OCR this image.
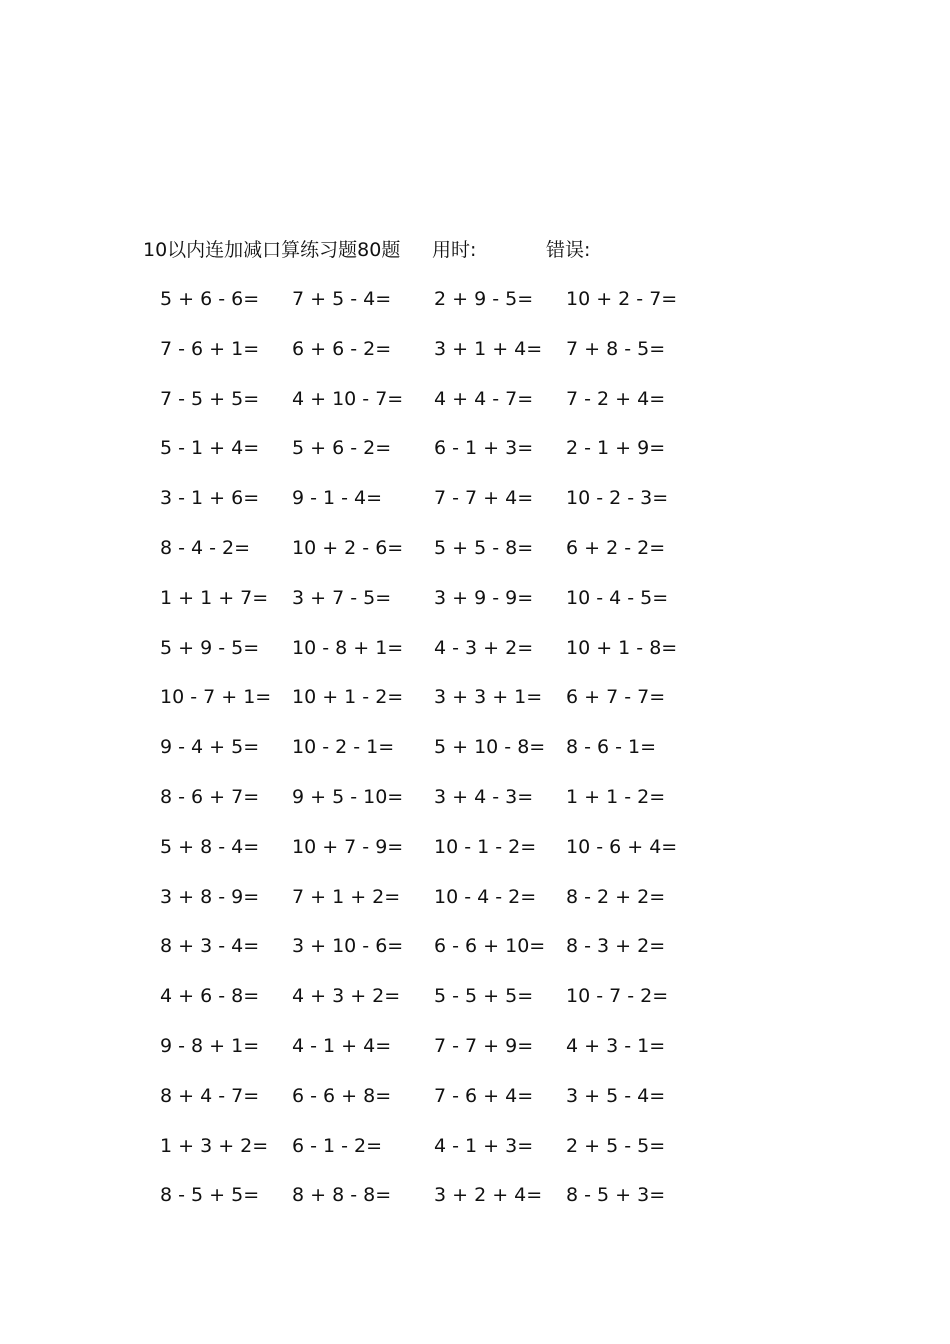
10以内连加减口算练习题80题 用时:	错误:
5 + 6 - 6=	7 + 5 - 4=	2 + 9 - 5=	10 + 2 - 7=
7 - 6 + 1=	6 + 6 - 2=	3 + 1 + 4=	7 + 8 - 5=
7 - 5 + 5=	4 + 10 - 7=	4 + 4 - 7=	7 - 2 + 4=
5 - 1 + 4=	5 + 6 - 2=	6 - 1 + 3=	2 - 1 + 9=
3 - 1 + 6=	9 - 1 - 4=	7 - 7 + 4=	10 - 2 - 3=
8 - 4 - 2=	10 + 2 - 6=	5 + 5 - 8=	6 + 2 - 2=
1 + 1 + 7=	3 + 7 - 5=	3 + 9 - 9=	10 - 4 - 5=
5 + 9 - 5=	10 - 8 + 1=	4 - 3 + 2=	10 + 1 - 8=
10 - 7 + 1=	10 + 1 - 2=	3 + 3 + 1=	6 + 7 - 7=
9 - 4 + 5=	10 - 2 - 1=	5 + 10 - 8=	8 - 6 - 1=
8 - 6 + 7=	9 + 5 - 10=	3 + 4 - 3=	1 + 1 - 2=
5 + 8 - 4=	10 + 7 - 9=	10 - 1 - 2=	10 - 6 + 4=
3 + 8 - 9=	7 + 1 + 2=	10 - 4 - 2=	8 - 2 + 2=
8 + 3 - 4=	3 + 10 - 6=	6 - 6 + 10=	8 - 3 + 2=
4 + 6 - 8=	4 + 3 + 2=	5 - 5 + 5=	10 - 7 - 2=
9 - 8 + 1=	4 - 1 + 4=	7 - 7 + 9=	4 + 3 - 1=
8 + 4 - 7=	6 - 6 + 8=	7 - 6 + 4=	3 + 5 - 4=
1 + 3 + 2=	6 - 1 - 2=	4 - 1 + 3=	2 + 5 - 5=
8 - 5 + 5=	8 + 8 - 8=	3 + 2 + 4=	8 - 5 + 3=
